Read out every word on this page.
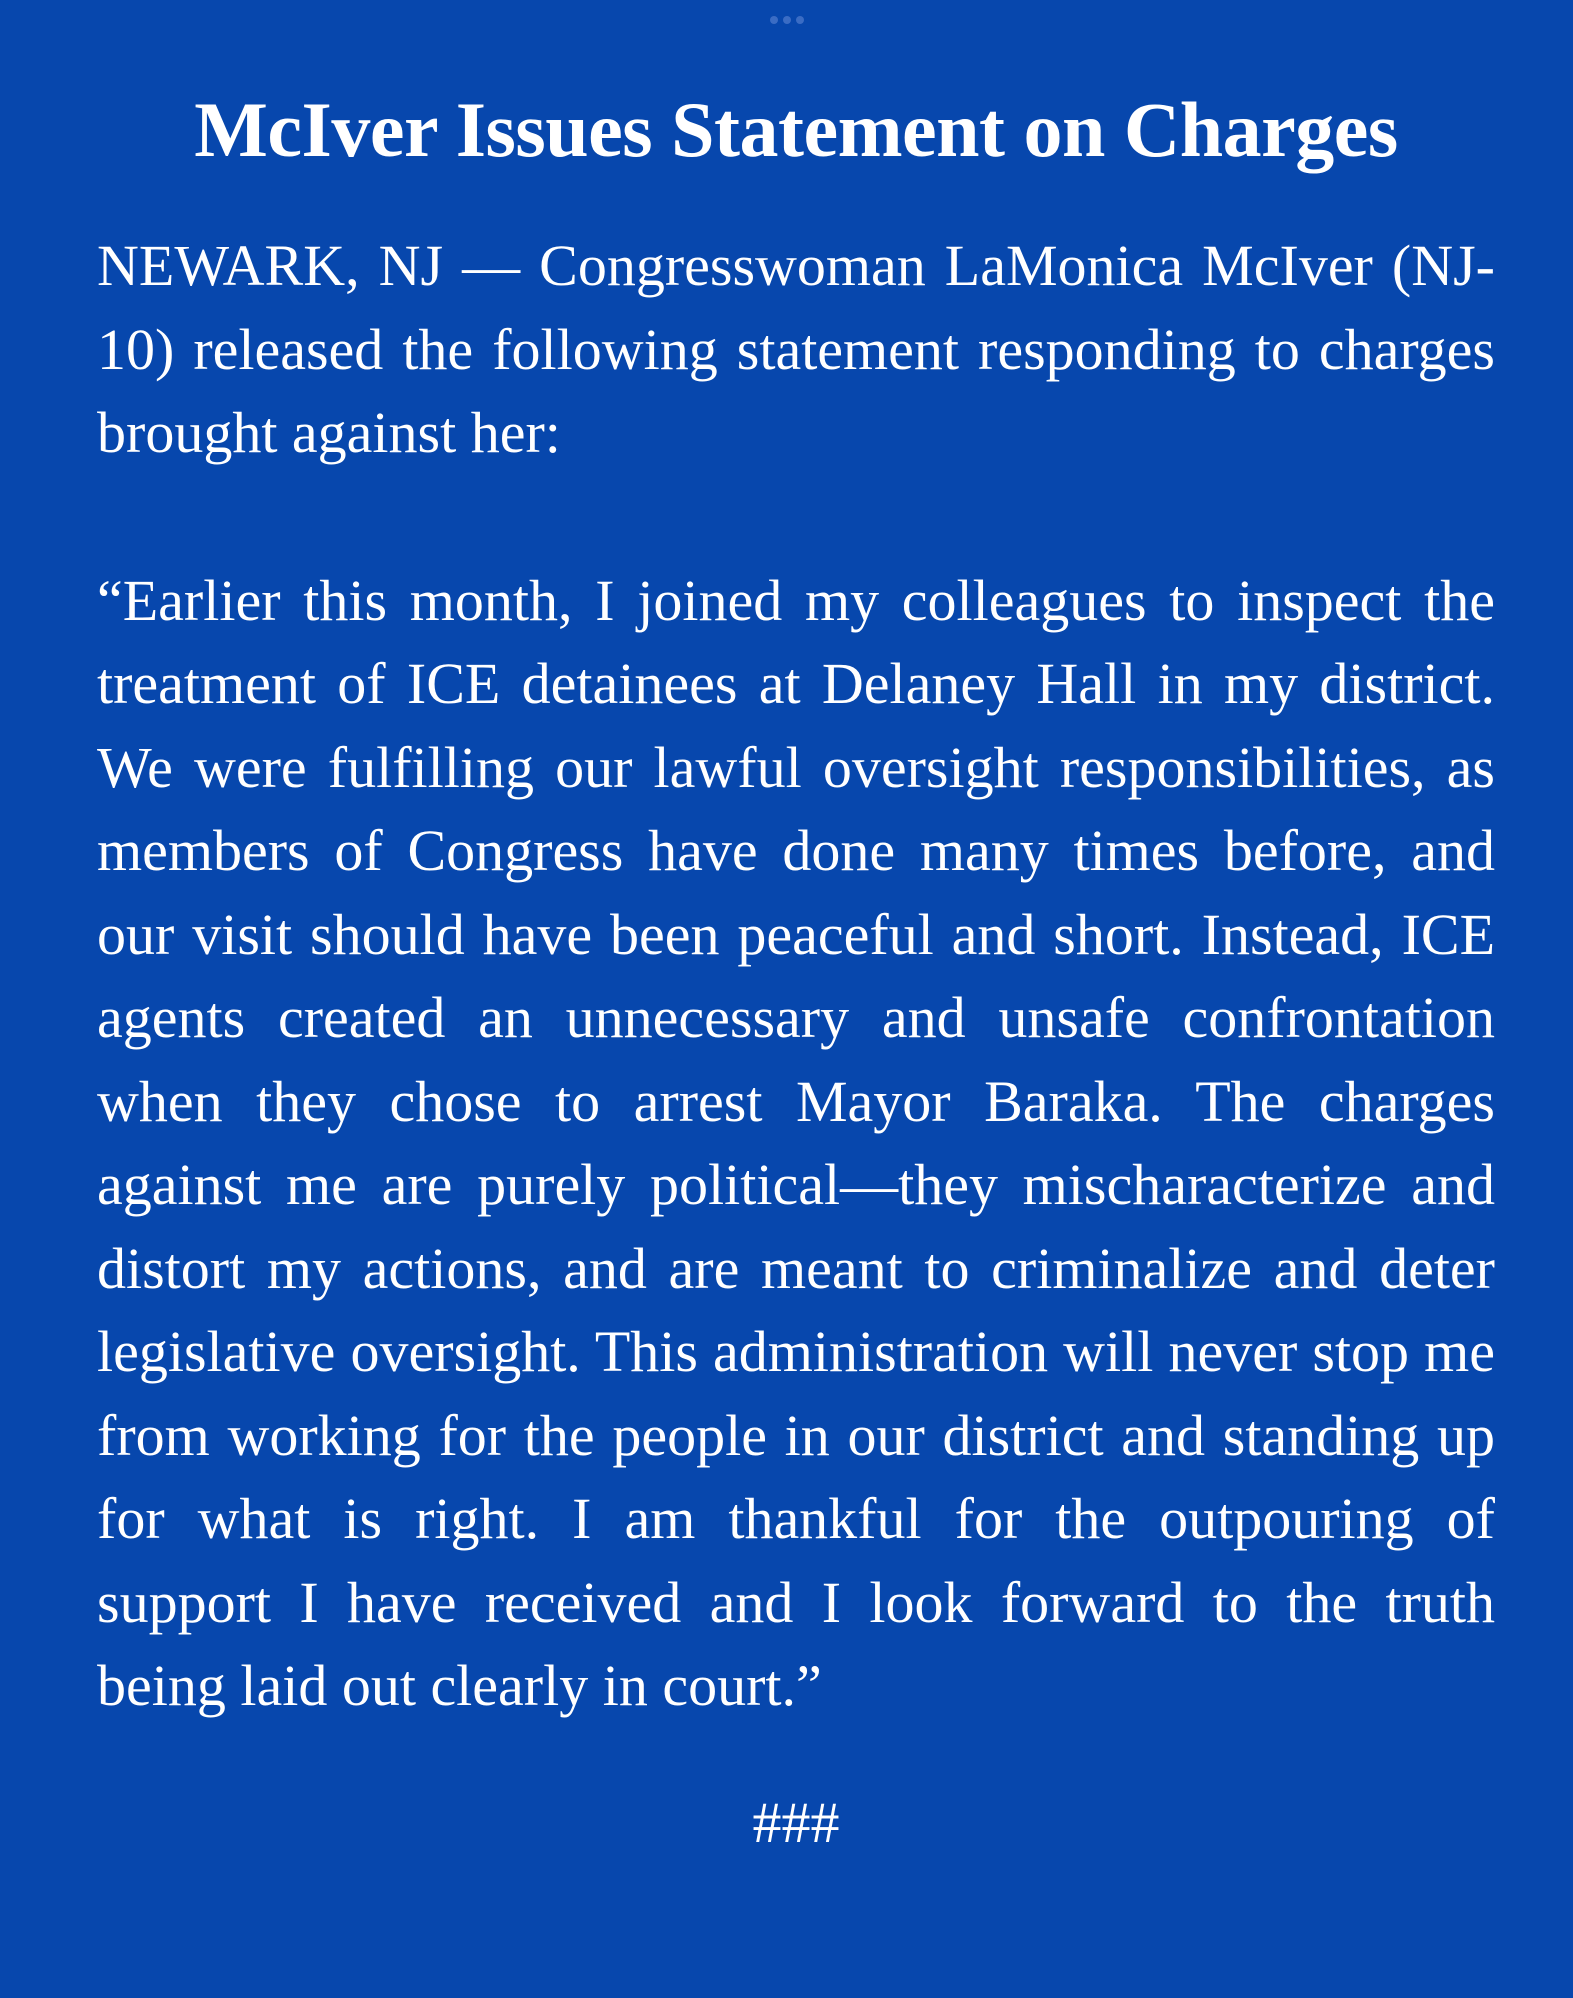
McIver Issues Statement on Charges

NEWARK, NJ — Congresswoman LaMonica McIver (NJ-10) released the following statement responding to charges brought against her:

“Earlier this month, I joined my colleagues to inspect the treatment of ICE detainees at Delaney Hall in my district. We were fulfilling our lawful oversight responsibilities, as members of Congress have done many times before, and our visit should have been peaceful and short. Instead, ICE agents created an unnecessary and unsafe confrontation when they chose to arrest Mayor Baraka. The charges against me are purely political—they mischaracterize and distort my actions, and are meant to criminalize and deter legislative oversight. This administration will never stop me from working for the people in our district and standing up for what is right. I am thankful for the outpouring of support I have received and I look forward to the truth being laid out clearly in court.”

###
